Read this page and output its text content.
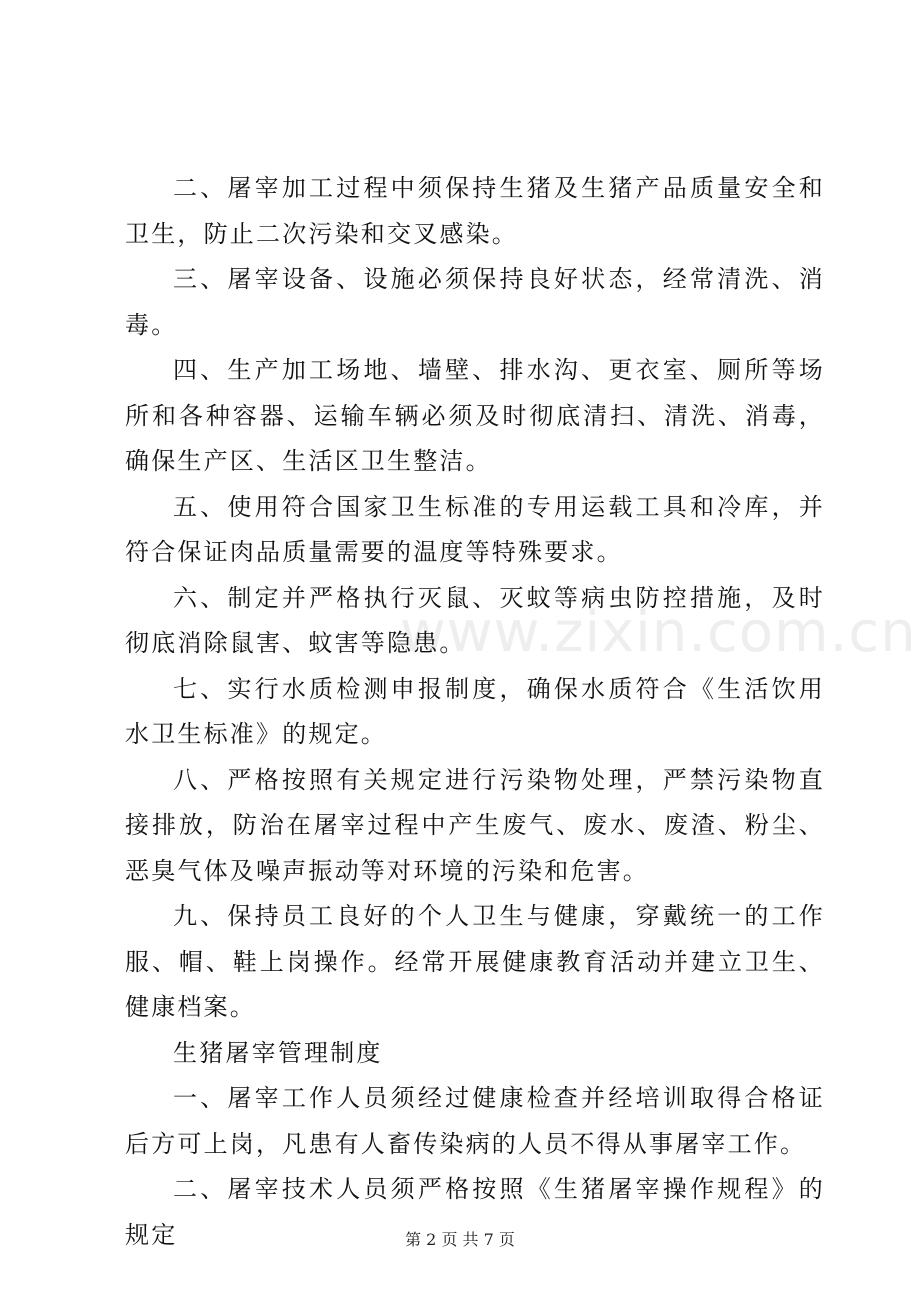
www.zixin.com.cn

二、屠宰加工过程中须保持生猪及生猪产品质量安全和卫生，防止二次污染和交叉感染。

三、屠宰设备、设施必须保持良好状态，经常清洗、消毒。

四、生产加工场地、墙壁、排水沟、更衣室、厕所等场所和各种容器、运输车辆必须及时彻底清扫、清洗、消毒，确保生产区、生活区卫生整洁。

五、使用符合国家卫生标准的专用运载工具和冷库，并符合保证肉品质量需要的温度等特殊要求。

六、制定并严格执行灭鼠、灭蚊等病虫防控措施，及时彻底消除鼠害、蚊害等隐患。

七、实行水质检测申报制度，确保水质符合《生活饮用水卫生标准》的规定。

八、严格按照有关规定进行污染物处理，严禁污染物直接排放，防治在屠宰过程中产生废气、废水、废渣、粉尘、恶臭气体及噪声振动等对环境的污染和危害。

九、保持员工良好的个人卫生与健康，穿戴统一的工作服、帽、鞋上岗操作。经常开展健康教育活动并建立卫生、健康档案。

生猪屠宰管理制度

一、屠宰工作人员须经过健康检查并经培训取得合格证后方可上岗，凡患有人畜传染病的人员不得从事屠宰工作。

二、屠宰技术人员须严格按照《生猪屠宰操作规程》的规定	第 2 页 共 7 页
